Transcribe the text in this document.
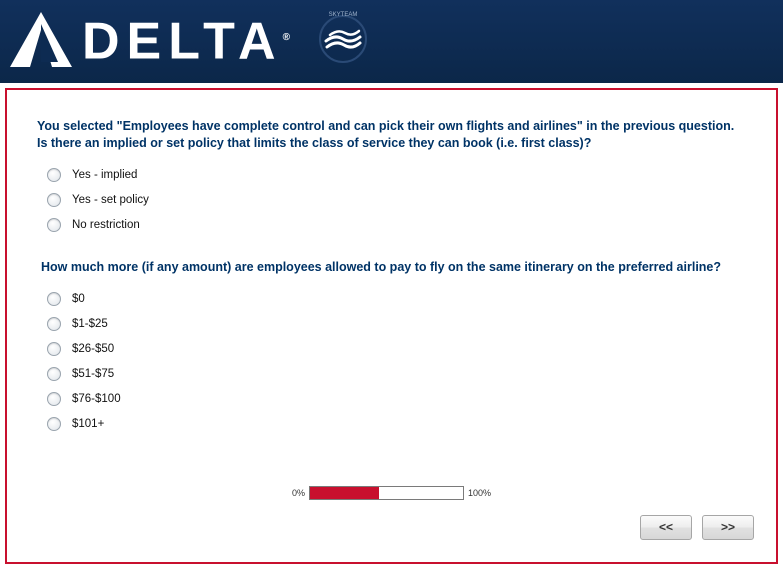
DELTA®
SKYTEAM

You selected "Employees have complete control and can pick their own flights and airlines" in the previous question. Is there an implied or set policy that limits the class of service they can book (i.e. first class)?

Yes - implied
Yes - set policy
No restriction

How much more (if any amount) are employees allowed to pay to fly on the same itinerary on the preferred airline?

$0
$1-$25
$26-$50
$51-$75
$76-$100
$101+
0%	100%
<<	>>
